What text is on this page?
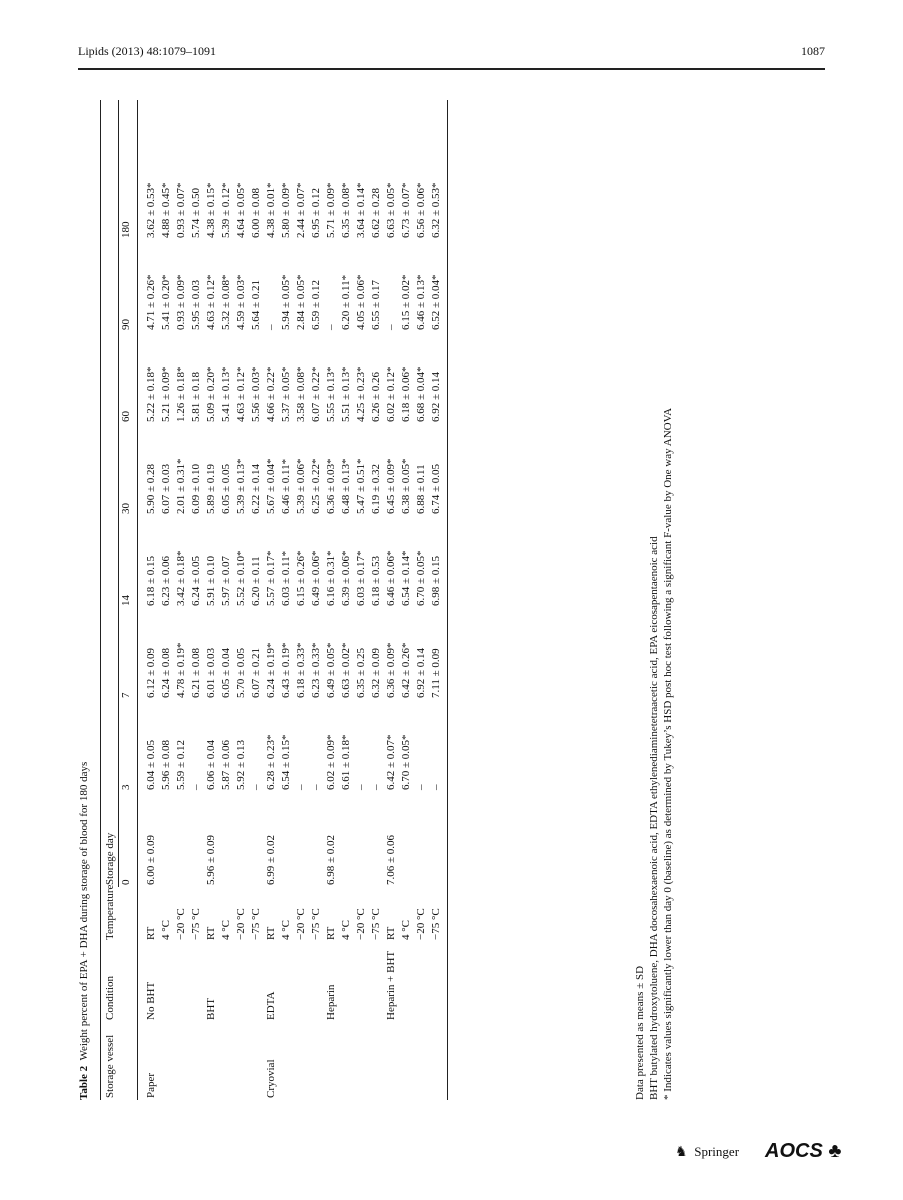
Lipids (2013) 48:1079–1091	1087
Table 2  Weight percent of EPA + DHA during storage of blood for 180 days
Storage vessel	Condition	Temperature	Storage day							
			0	3	7	14	30	60	90	180
Paper	No BHT	RT	6.00 ± 0.09	6.04 ± 0.05	6.12 ± 0.09	6.18 ± 0.15	5.90 ± 0.28	5.22 ± 0.18*	4.71 ± 0.26*	3.62 ± 0.53*
		4 °C		5.96 ± 0.08	6.24 ± 0.08	6.23 ± 0.06	6.07 ± 0.03	5.21 ± 0.09*	5.41 ± 0.20*	4.88 ± 0.45*
		−20 °C		5.59 ± 0.12	4.78 ± 0.19*	3.42 ± 0.18*	2.01 ± 0.31*	1.26 ± 0.18*	0.93 ± 0.09*	0.93 ± 0.07*
		−75 °C		–	6.21 ± 0.08	6.24 ± 0.05	6.09 ± 0.10	5.81 ± 0.18	5.95 ± 0.03	5.74 ± 0.50
	BHT	RT	5.96 ± 0.09	6.06 ± 0.04	6.01 ± 0.03	5.91 ± 0.10	5.89 ± 0.19	5.09 ± 0.20*	4.63 ± 0.12*	4.38 ± 0.15*
		4 °C		5.87 ± 0.06	6.05 ± 0.04	5.97 ± 0.07	6.05 ± 0.05	5.41 ± 0.13*	5.32 ± 0.08*	5.39 ± 0.12*
		−20 °C		5.92 ± 0.13	5.70 ± 0.05	5.52 ± 0.10*	5.39 ± 0.13*	4.63 ± 0.12*	4.59 ± 0.03*	4.64 ± 0.05*
		−75 °C		–	6.07 ± 0.21	6.20 ± 0.11	6.22 ± 0.14	5.56 ± 0.03*	5.64 ± 0.21	6.00 ± 0.08
Cryovial	EDTA	RT	6.99 ± 0.02	6.28 ± 0.23*	6.24 ± 0.19*	5.57 ± 0.17*	5.67 ± 0.04*	4.66 ± 0.22*	–	4.38 ± 0.01*
		4 °C		6.54 ± 0.15*	6.43 ± 0.19*	6.03 ± 0.11*	6.46 ± 0.11*	5.37 ± 0.05*	5.94 ± 0.05*	5.80 ± 0.09*
		−20 °C		–	6.18 ± 0.33*	6.15 ± 0.26*	5.39 ± 0.06*	3.58 ± 0.08*	2.84 ± 0.05*	2.44 ± 0.07*
		−75 °C		–	6.23 ± 0.33*	6.49 ± 0.06*	6.25 ± 0.22*	6.07 ± 0.22*	6.59 ± 0.12	6.95 ± 0.12
	Heparin	RT	6.98 ± 0.02	6.02 ± 0.09*	6.49 ± 0.05*	6.16 ± 0.31*	6.36 ± 0.03*	5.55 ± 0.13*	–	5.71 ± 0.09*
		4 °C		6.61 ± 0.18*	6.63 ± 0.02*	6.39 ± 0.06*	6.48 ± 0.13*	5.51 ± 0.13*	6.20 ± 0.11*	6.35 ± 0.08*
		−20 °C		–	6.35 ± 0.25	6.03 ± 0.17*	5.47 ± 0.51*	4.25 ± 0.23*	4.05 ± 0.06*	3.64 ± 0.14*
		−75 °C		–	6.32 ± 0.09	6.18 ± 0.53	6.19 ± 0.32	6.26 ± 0.26	6.55 ± 0.17	6.62 ± 0.28
	Heparin + BHT	RT	7.06 ± 0.06	6.42 ± 0.07*	6.36 ± 0.09*	6.46 ± 0.06*	6.45 ± 0.09*	6.02 ± 0.12*	–	6.63 ± 0.05*
		4 °C		6.70 ± 0.05*	6.42 ± 0.26*	6.54 ± 0.14*	6.38 ± 0.05*	6.18 ± 0.06*	6.15 ± 0.02*	6.73 ± 0.07*
		−20 °C		–	6.92 ± 0.14	6.70 ± 0.05*	6.88 ± 0.11	6.68 ± 0.04*	6.46 ± 0.13*	6.56 ± 0.06*
		−75 °C		–	7.11 ± 0.09	6.98 ± 0.15	6.74 ± 0.05	6.92 ± 0.14	6.52 ± 0.04*	6.32 ± 0.53*
Data presented as means ± SD BHT butylated hydroxytoluene, DHA docosahexaenoic acid, EDTA ethylenediaminetetraacetic acid, EPA eicosapentaenoic acid * Indicates values significantly lower than day 0 (baseline) as determined by Tukey’s HSD post hoc test following a significant F-value by One way ANOVA
♞ Springer AOCS ♣
